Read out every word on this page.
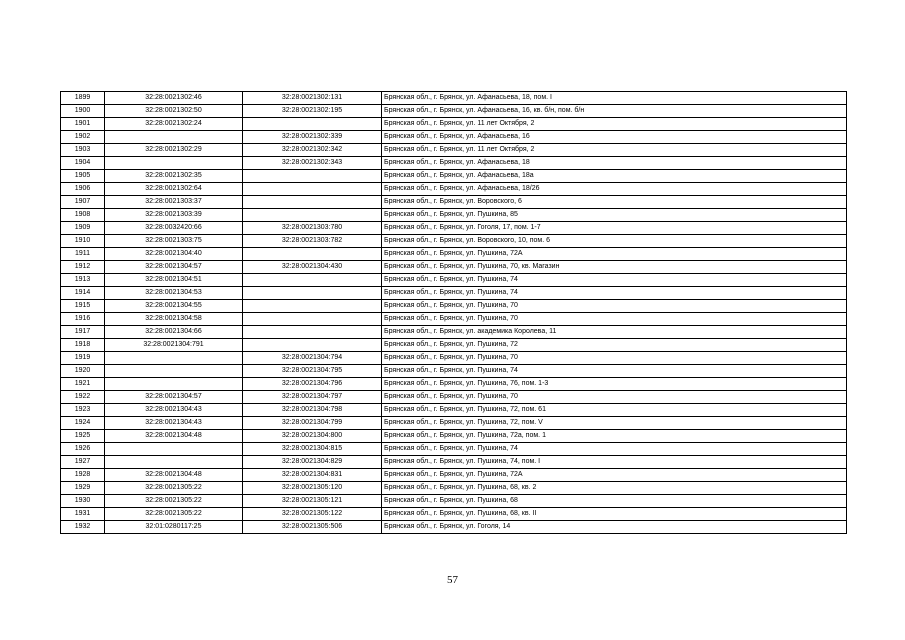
1899	32:28:0021302:46	32:28:0021302:131	Брянская обл., г. Брянск, ул. Афанасьева, 18, пом. I
1900	32:28:0021302:50	32:28:0021302:195	Брянская обл., г. Брянск, ул. Афанасьева, 16, кв. б/н, пом. б/н
1901	32:28:0021302:24		Брянская обл., г. Брянск, ул. 11 лет Октября, 2
1902		32:28:0021302:339	Брянская обл., г. Брянск, ул. Афанасьева, 16
1903	32:28:0021302:29	32:28:0021302:342	Брянская обл., г. Брянск, ул. 11 лет Октября, 2
1904		32:28:0021302:343	Брянская обл., г. Брянск, ул. Афанасьева, 18
1905	32:28:0021302:35		Брянская обл., г. Брянск, ул. Афанасьева, 18а
1906	32:28:0021302:64		Брянская обл., г. Брянск, ул. Афанасьева, 18/26
1907	32:28:0021303:37		Брянская обл., г. Брянск, ул. Воровского, 6
1908	32:28:0021303:39		Брянская обл., г. Брянск, ул. Пушкина, 85
1909	32:28:0032420:66	32:28:0021303:780	Брянская обл., г. Брянск, ул. Гоголя, 17, пом. 1-7
1910	32:28:0021303:75	32:28:0021303:782	Брянская обл., г. Брянск, ул. Воровского, 10, пом. 6
1911	32:28:0021304:40		Брянская обл., г. Брянск, ул. Пушкина, 72А
1912	32:28:0021304:57	32:28:0021304:430	Брянская обл., г. Брянск, ул. Пушкина, 70, кв. Магазин
1913	32:28:0021304:51		Брянская обл., г. Брянск, ул. Пушкина, 74
1914	32:28:0021304:53		Брянская обл., г. Брянск, ул. Пушкина, 74
1915	32:28:0021304:55		Брянская обл., г. Брянск, ул. Пушкина, 70
1916	32:28:0021304:58		Брянская обл., г. Брянск, ул. Пушкина, 70
1917	32:28:0021304:66		Брянская обл., г. Брянск, ул. академика Королева, 11
1918	32:28:0021304:791		Брянская обл., г. Брянск, ул. Пушкина, 72
1919		32:28:0021304:794	Брянская обл., г. Брянск, ул. Пушкина, 70
1920		32:28:0021304:795	Брянская обл., г. Брянск, ул. Пушкина, 74
1921		32:28:0021304:796	Брянская обл., г. Брянск, ул. Пушкина, 76, пом. 1-3
1922	32:28:0021304:57	32:28:0021304:797	Брянская обл., г. Брянск, ул. Пушкина, 70
1923	32:28:0021304:43	32:28:0021304:798	Брянская обл., г. Брянск, ул. Пушкина, 72, пом. 61
1924	32:28:0021304:43	32:28:0021304:799	Брянская обл., г. Брянск, ул. Пушкина, 72, пом. V
1925	32:28:0021304:48	32:28:0021304:800	Брянская обл., г. Брянск, ул. Пушкина, 72а, пом. 1
1926		32:28:0021304:815	Брянская обл., г. Брянск, ул. Пушкина, 74
1927		32:28:0021304:829	Брянская обл., г. Брянск, ул. Пушкина, 74, пом. I
1928	32:28:0021304:48	32:28:0021304:831	Брянская обл., г. Брянск, ул. Пушкина, 72А
1929	32:28:0021305:22	32:28:0021305:120	Брянская обл., г. Брянск, ул. Пушкина, 68, кв. 2
1930	32:28:0021305:22	32:28:0021305:121	Брянская обл., г. Брянск, ул. Пушкина, 68
1931	32:28:0021305:22	32:28:0021305:122	Брянская обл., г. Брянск, ул. Пушкина, 68, кв. II
1932	32:01:0280117:25	32:28:0021305:506	Брянская обл., г. Брянск, ул. Гоголя, 14
57
